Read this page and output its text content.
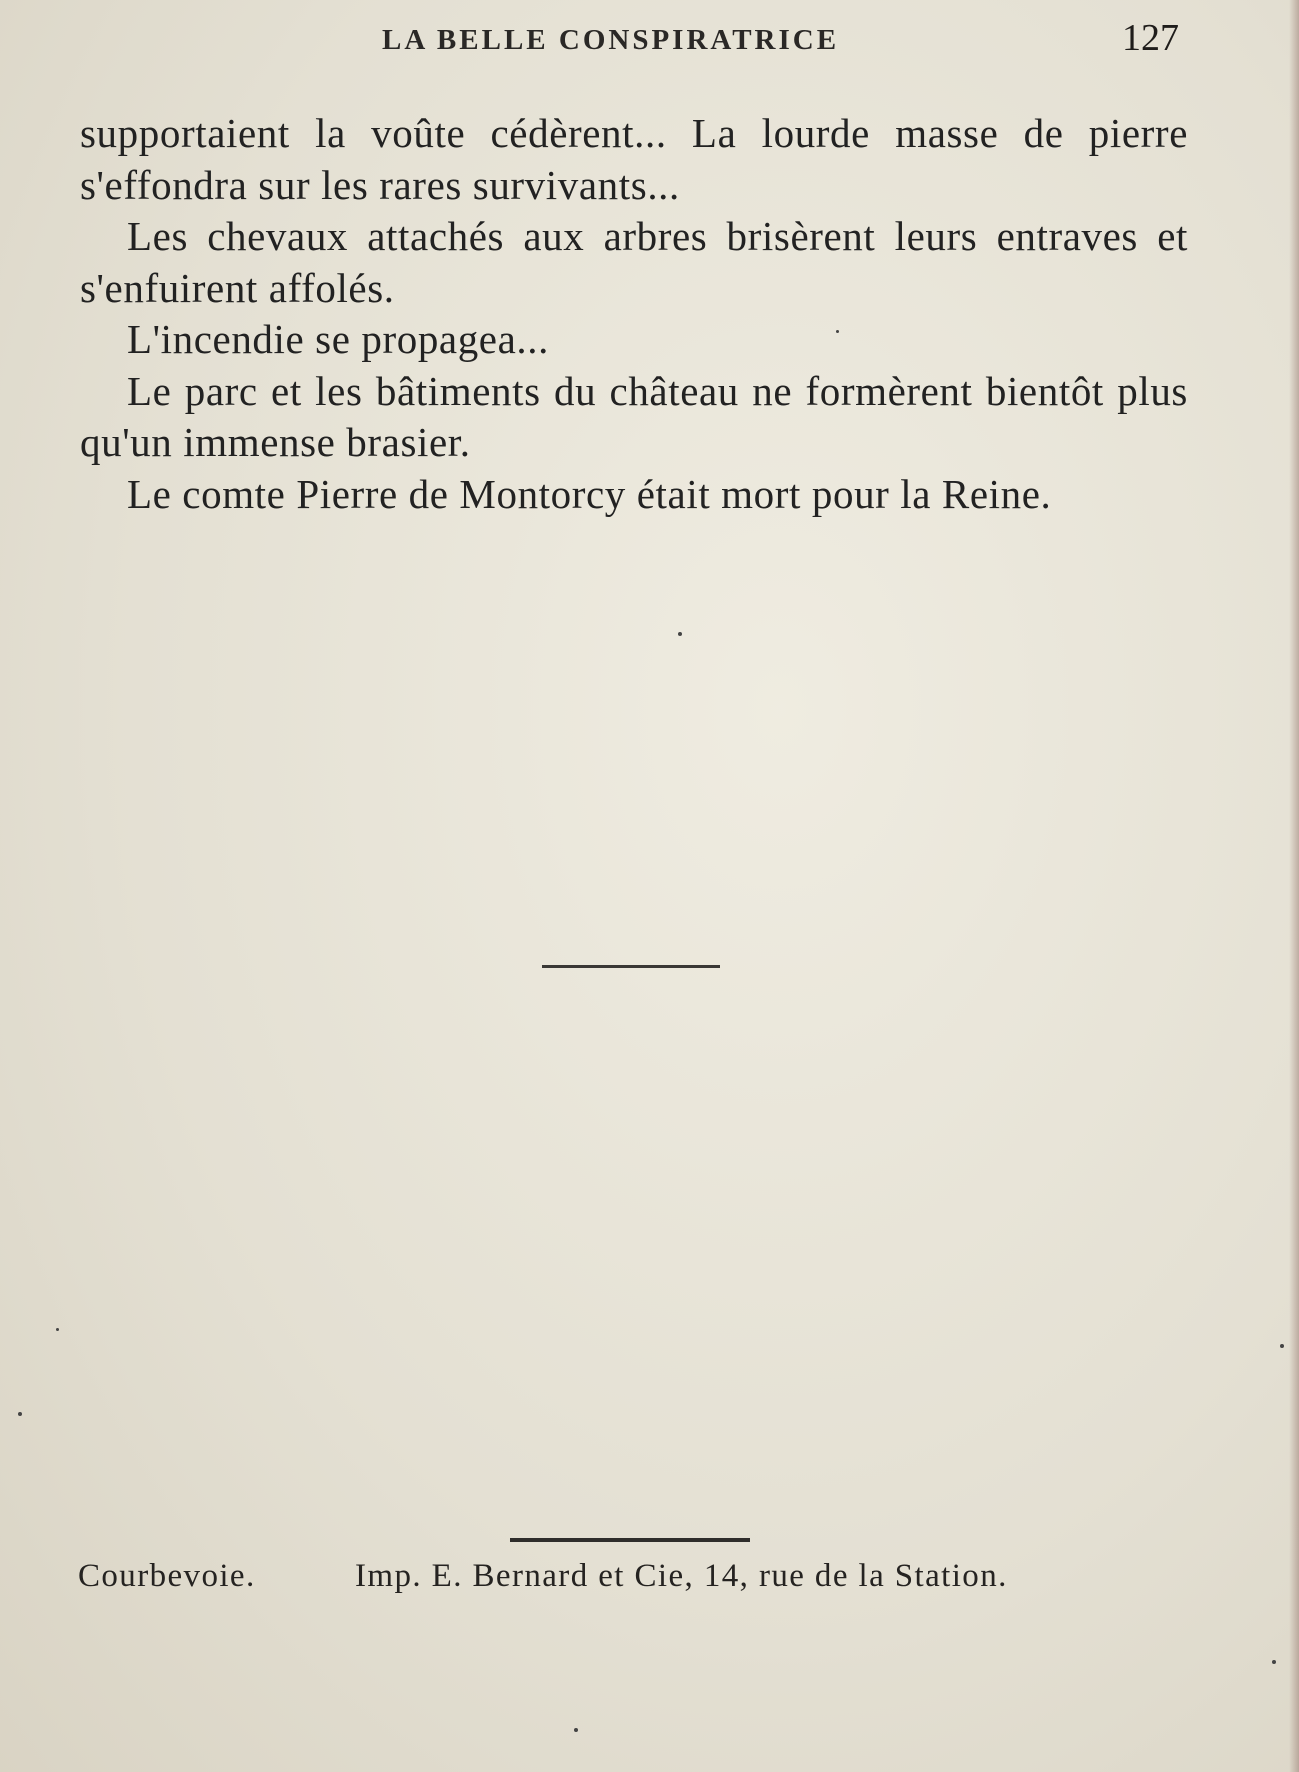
LA BELLE CONSPIRATRICE	127

supportaient la voûte cédèrent... La lourde masse de pierre s'effondra sur les rares survivants...

Les chevaux attachés aux arbres brisèrent leurs entraves et s'enfuirent affolés.

L'incendie se propagea...

Le parc et les bâtiments du château ne formèrent bientôt plus qu'un immense brasier.

Le comte Pierre de Montorcy était mort pour la Reine.

Courbevoie.	Imp. E. Bernard et Cie, 14, rue de la Station.
